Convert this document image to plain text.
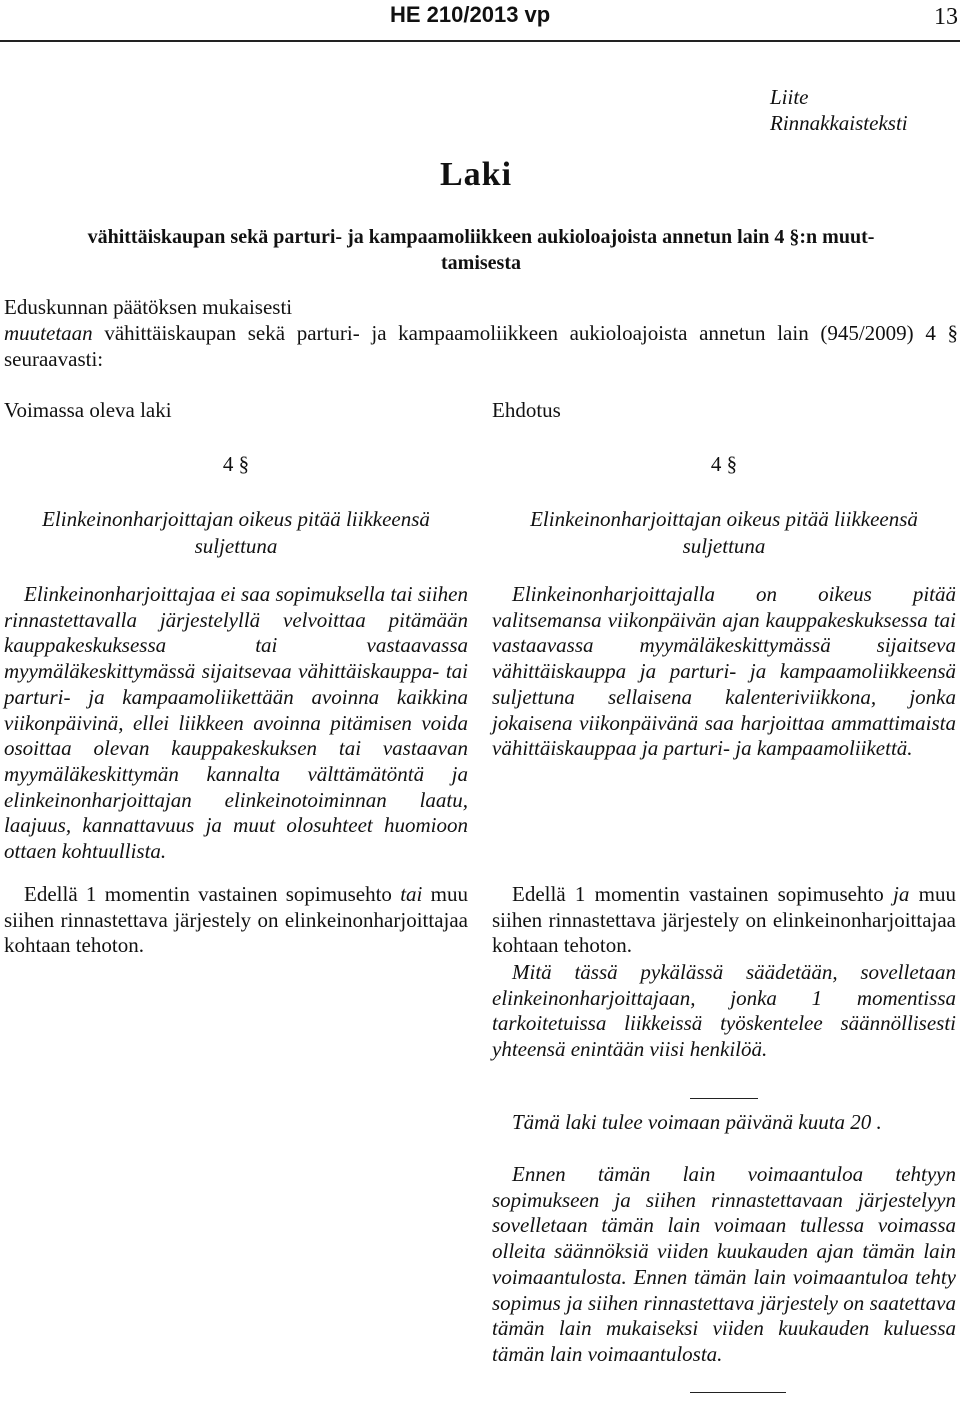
HE 210/2013 vp	13
Liite
Rinnakkaisteksti
Laki
vähittäiskaupan sekä parturi- ja kampaamoliikkeen aukioloajoista annetun lain 4 §:n muut-
tamisesta
Eduskunnan päätöksen mukaisesti
muutetaan vähittäiskaupan sekä parturi- ja kampaamoliikkeen aukioloajoista annetun lain (945/2009) 4 § seuraavasti:
Voimassa oleva laki	Ehdotus
4 §	4 §
Elinkeinonharjoittajan oikeus pitää liikkeensä suljettuna
Elinkeinonharjoittajan oikeus pitää liikkeensä suljettuna

Elinkeinonharjoittajaa ei saa sopimuksella tai siihen rinnastettavalla järjestelyllä velvoittaa pitämään kauppakeskuksessa tai vastaavassa myymäläkeskittymässä sijaitsevaa vähittäiskauppa- tai parturi- ja kampaamoliikettään avoinna kaikkina viikonpäivinä, ellei liikkeen avoinna pitämisen voida osoittaa olevan kauppakeskuksen tai vastaavan myymäläkeskittymän kannalta välttämätöntä ja elinkeinonharjoittajan elinkeinotoiminnan laatu, laajuus, kannattavuus ja muut olosuhteet huomioon ottaen kohtuullista.

Edellä 1 momentin vastainen sopimusehto tai muu siihen rinnastettava järjestely on elinkeinonharjoittajaa kohtaan tehoton.

Elinkeinonharjoittajalla on oikeus pitää valitsemansa viikonpäivän ajan kauppakeskuksessa tai vastaavassa myymäläkeskittymässä sijaitseva vähittäiskauppa ja parturi- ja kampaamoliikkeensä suljettuna sellaisena kalenteriviikkona, jonka jokaisena viikonpäivänä saa harjoittaa ammattimaista vähittäiskauppaa ja parturi- ja kampaamoliikettä.

Edellä 1 momentin vastainen sopimusehto ja muu siihen rinnastettava järjestely on elinkeinonharjoittajaa kohtaan tehoton.

Mitä tässä pykälässä säädetään, sovelletaan elinkeinonharjoittajaan, jonka 1 momentissa tarkoitetuissa liikkeissä työskentelee säännöllisesti yhteensä enintään viisi henkilöä.

Tämä laki tulee voimaan päivänä kuuta 20 .

Ennen tämän lain voimaantuloa tehtyyn sopimukseen ja siihen rinnastettavaan järjestelyyn sovelletaan tämän lain voimaan tullessa voimassa olleita säännöksiä viiden kuukauden ajan tämän lain voimaantulosta. Ennen tämän lain voimaantuloa tehty sopimus ja siihen rinnastettava järjestely on saatettava tämän lain mukaiseksi viiden kuukauden kuluessa tämän lain voimaantulosta.
